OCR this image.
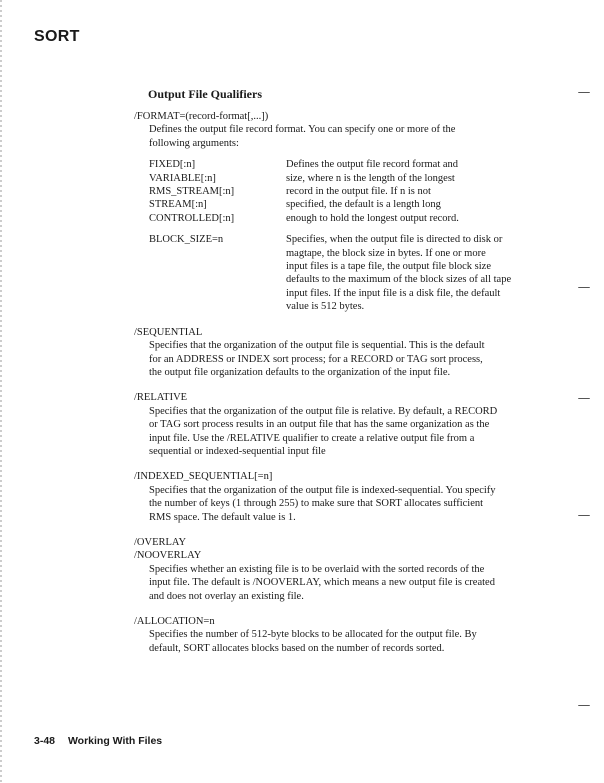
SORT
Output File Qualifiers

/FORMAT=(record-format[,...])

Defines the output file record format. You can specify one or more of the
following arguments:
FIXED[:n]
VARIABLE[:n]
RMS_STREAM[:n]
STREAM[:n]
CONTROLLED[:n]
Defines the output file record format and
size, where n is the length of the longest
record in the output file. If n is not
specified, the default is a length long
enough to hold the longest output record.
BLOCK_SIZE=n	Specifies, when the output file is directed to disk or
magtape, the block size in bytes. If one or more
input files is a tape file, the output file block size
defaults to the maximum of the block sizes of all tape
input files. If the input file is a disk file, the default
value is 512 bytes.

/SEQUENTIAL

Specifies that the organization of the output file is sequential. This is the default
for an ADDRESS or INDEX sort process; for a RECORD or TAG sort process,
the output file organization defaults to the organization of the input file.

/RELATIVE

Specifies that the organization of the output file is relative. By default, a RECORD
or TAG sort process results in an output file that has the same organization as the
input file. Use the /RELATIVE qualifier to create a relative output file from a
sequential or indexed-sequential input file

/INDEXED_SEQUENTIAL[=n]

Specifies that the organization of the output file is indexed-sequential. You specify
the number of keys (1 through 255) to make sure that SORT allocates sufficient
RMS space. The default value is 1.

/OVERLAY

/NOOVERLAY

Specifies whether an existing file is to be overlaid with the sorted records of the
input file. The default is /NOOVERLAY, which means a new output file is created
and does not overlay an existing file.

/ALLOCATION=n

Specifies the number of 512-byte blocks to be allocated for the output file. By
default, SORT allocates blocks based on the number of records sorted.
3-48 Working With Files
